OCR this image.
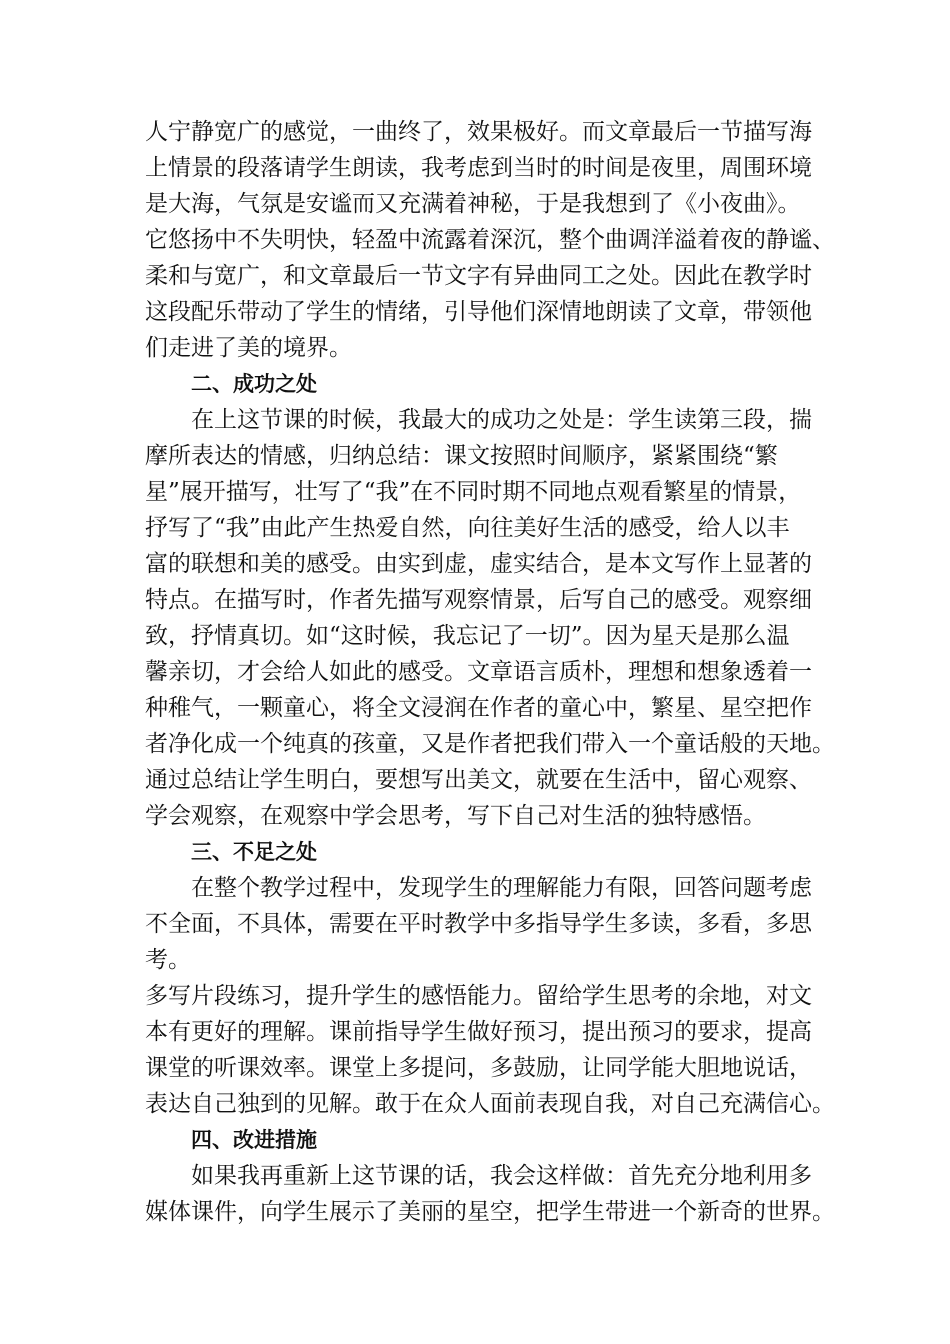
人宁静宽广的感觉，一曲终了，效果极好。而文章最后一节描写海
上情景的段落请学生朗读，我考虑到当时的时间是夜里，周围环境
是大海，气氛是安谧而又充满着神秘，于是我想到了《小夜曲》。
它悠扬中不失明快，轻盈中流露着深沉，整个曲调洋溢着夜的静谧、
柔和与宽广，和文章最后一节文字有异曲同工之处。因此在教学时
这段配乐带动了学生的情绪，引导他们深情地朗读了文章，带领他
们走进了美的境界。
二、成功之处
在上这节课的时候，我最大的成功之处是：学生读第三段，揣
摩所表达的情感，归纳总结：课文按照时间顺序，紧紧围绕“繁
星”展开描写，壮写了“我”在不同时期不同地点观看繁星的情景，
抒写了“我”由此产生热爱自然，向往美好生活的感受，给人以丰
富的联想和美的感受。由实到虚，虚实结合，是本文写作上显著的
特点。在描写时，作者先描写观察情景，后写自己的感受。观察细
致，抒情真切。如“这时候，我忘记了一切”。因为星天是那么温
馨亲切，才会给人如此的感受。文章语言质朴，理想和想象透着一
种稚气，一颗童心，将全文浸润在作者的童心中，繁星、星空把作
者净化成一个纯真的孩童，又是作者把我们带入一个童话般的天地。
通过总结让学生明白，要想写出美文，就要在生活中，留心观察、
学会观察，在观察中学会思考，写下自己对生活的独特感悟。
三、不足之处
在整个教学过程中，发现学生的理解能力有限，回答问题考虑
不全面，不具体，需要在平时教学中多指导学生多读，多看，多思
考。
多写片段练习，提升学生的感悟能力。留给学生思考的余地，对文
本有更好的理解。课前指导学生做好预习，提出预习的要求，提高
课堂的听课效率。课堂上多提问，多鼓励，让同学能大胆地说话，
表达自己独到的见解。敢于在众人面前表现自我，对自己充满信心。
四、改进措施
如果我再重新上这节课的话，我会这样做：首先充分地利用多
媒体课件，向学生展示了美丽的星空，把学生带进一个新奇的世界。
